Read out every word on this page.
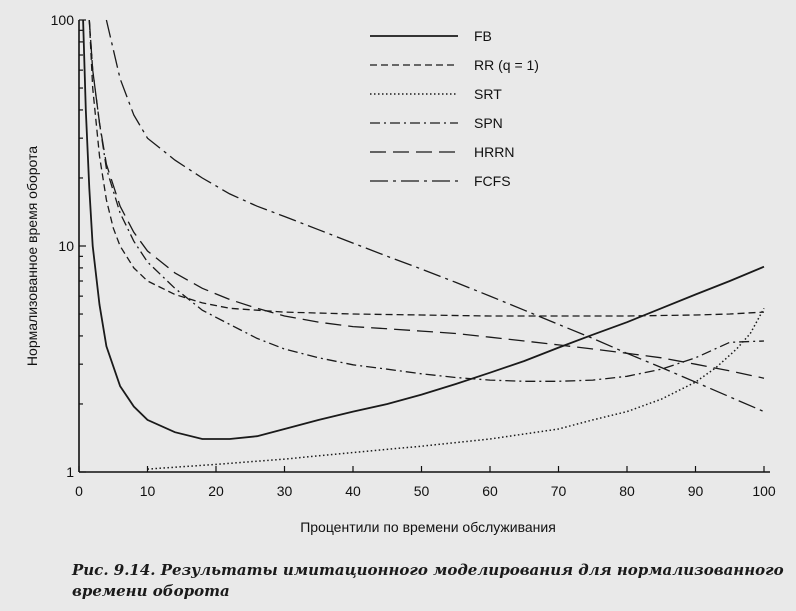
0	10	20	30	40	50	60	70	80	90	100
1
10
100
FB
RR (q = 1)
SRT
SPN
HRRN
FCFS
Процентили по времени обслуживания
Нормализованное время оборота
Рис. 9.14. Результаты имитационного моделирования для нормализованного времени оборота
